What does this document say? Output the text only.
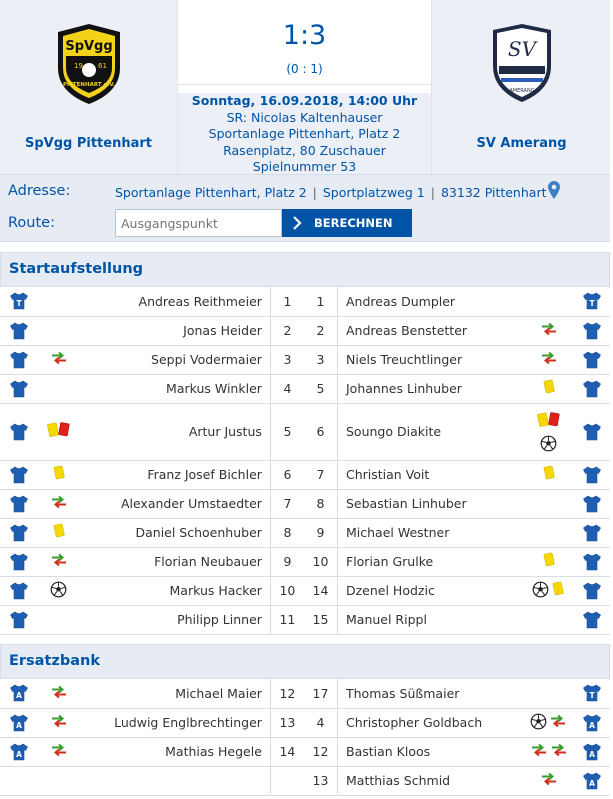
SpVgg
19 61
PITTENHART e.V.
SpVgg Pittenhart
1:3
(0 : 1)
Sonntag, 16.09.2018, 14:00 Uhr
SR: Nicolas Kaltenhauser
Sportanlage Pittenhart, Platz 2
Rasenplatz, 80 Zuschauer
Spielnummer 53
SV
AMERANG
SV Amerang
Adresse:	Sportanlage Pittenhart, Platz 2 | Sportplatzweg 1 | 83132 Pittenhart
Route:
Ausgangspunkt	BERECHNEN
Startaufstellung
T		Andreas Reithmeier	1	1	Andreas Dumpler		T

		Jonas Heider	2	2	Andreas Benstetter	

	Seppi Vodermaier	3	3	Niels Treuchtlinger	

		Markus Winkler	4	5	Johannes Linhuber	

	Artur Justus	5	6	Soungo Diakite	

	Franz Josef Bichler	6	7	Christian Voit	

	Alexander Umstaedter	7	8	Sebastian Linhuber		

	Daniel Schoenhuber	8	9	Michael Westner		

	Florian Neubauer	9	10	Florian Grulke	

	Markus Hacker	10	14	Dzenel Hodzic	

		Philipp Linner	11	15	Manuel Rippl		
Ersatzbank
A		Michael Maier	12	17	Thomas Süßmaier		T

A		Ludwig Englbrechtinger	13	4	Christopher Goldbach		A

A		Mathias Hegele	14	12	Bastian Kloos		A

				13	Matthias Schmid		A
